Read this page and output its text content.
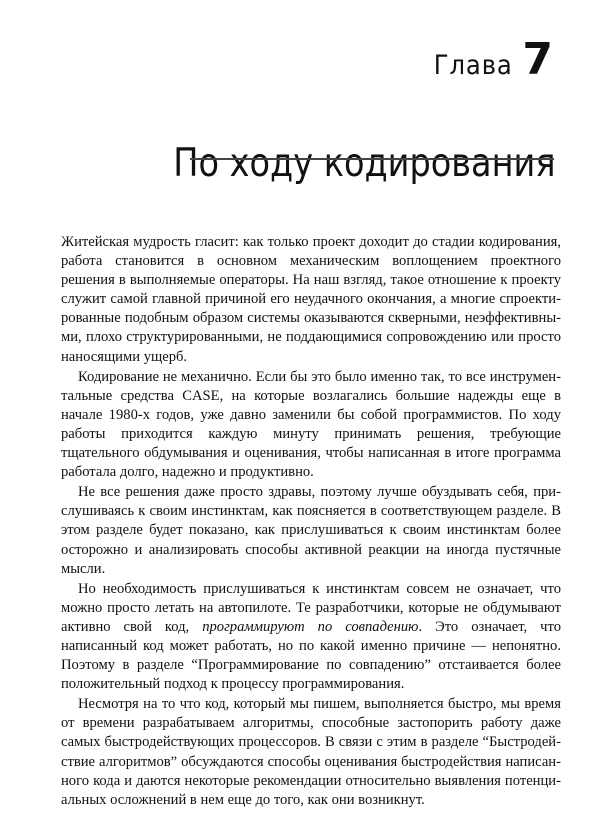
Глава 7
По ходу кодирования

Житейская мудрость гласит: как только проект доходит до стадии кодирования, работа становится в основном механическим воплощением проектного решения в выполняемые операторы. На наш взгляд, такое отношение к проекту служит самой главной причиной его неудачного окончания, а многие спроектированные подобным образом системы оказываются скверными, неэффективными, плохо структурированными, не поддающимися сопровождению или просто наносящими ущерб.

Кодирование не механично. Если бы это было именно так, то все инструментальные средства CASE, на которые возлагались большие надежды еще в начале 1980-х годов, уже давно заменили бы собой программистов. По ходу работы приходится каждую минуту принимать решения, требующие тщательного обдумывания и оценивания, чтобы написанная в итоге программа работала долго, надежно и продуктивно.

Не все решения даже просто здравы, поэтому лучше обуздывать себя, прислушиваясь к своим инстинктам, как поясняется в соответствующем разделе. В этом разделе будет показано, как прислушиваться к своим инстинктам более осторожно и анализировать способы активной реакции на иногда пустячные мысли.

Но необходимость прислушиваться к инстинктам совсем не означает, что можно просто летать на автопилоте. Те разработчики, которые не обдумывают активно свой код, программируют по совпадению. Это означает, что написанный код может работать, но по какой именно причине — непонятно. Поэтому в разделе “Программирование по совпадению” отстаивается более положительный подход к процессу программирования.

Несмотря на то что код, который мы пишем, выполняется быстро, мы время от времени разрабатываем алгоритмы, способные застопорить работу даже самых быстродействующих процессоров. В связи с этим в разделе “Быстродействие алгоритмов” обсуждаются способы оценивания быстродействия написанного кода и даются некоторые рекомендации относительно выявления потенциальных осложнений в нем еще до того, как они возникнут.
